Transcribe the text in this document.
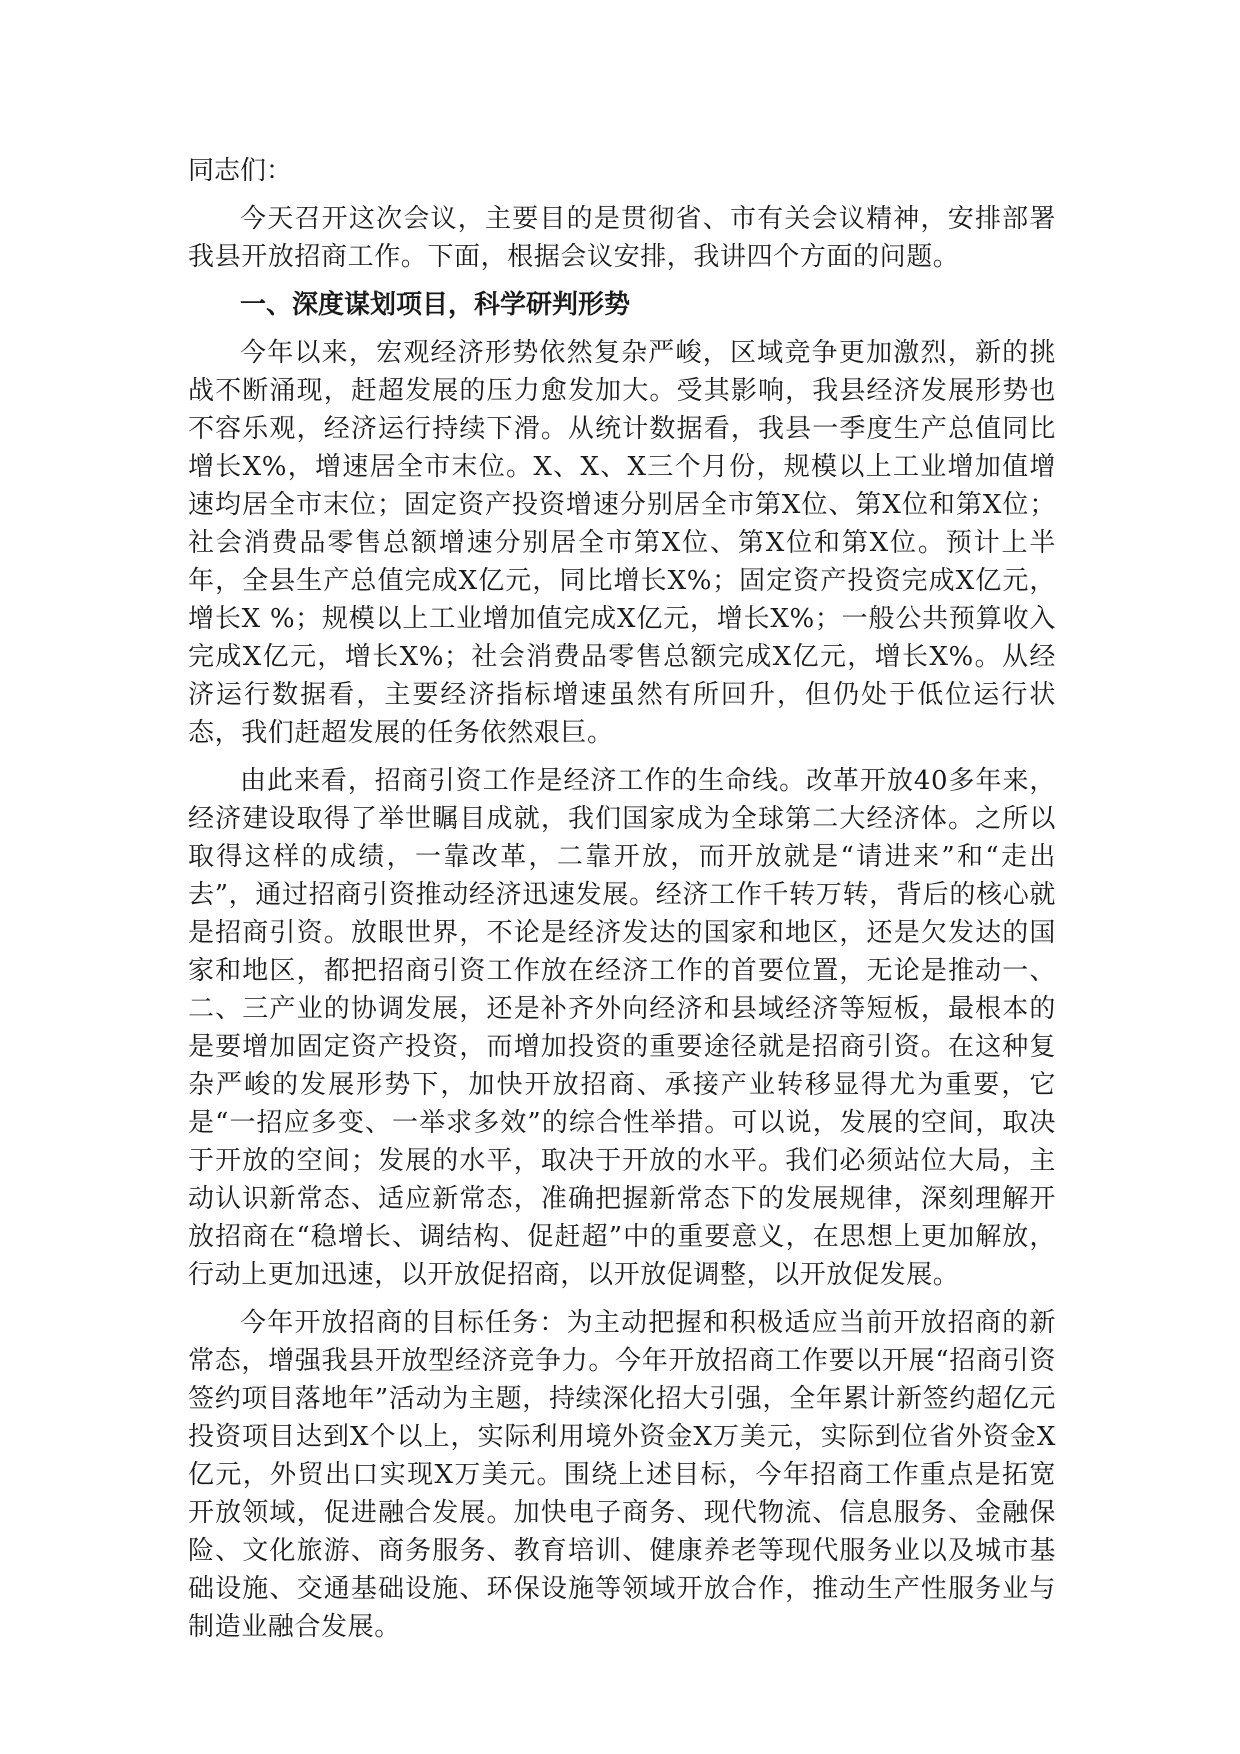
同志们：

今天召开这次会议，主要目的是贯彻省、市有关会议精神，安排部署我县开放招商工作。下面，根据会议安排，我讲四个方面的问题。

一、深度谋划项目，科学研判形势

今年以来，宏观经济形势依然复杂严峻，区域竞争更加激烈，新的挑战不断涌现，赶超发展的压力愈发加大。受其影响，我县经济发展形势也不容乐观，经济运行持续下滑。从统计数据看，我县一季度生产总值同比增长X%，增速居全市末位。X、X、X三个月份，规模以上工业增加值增速均居全市末位；固定资产投资增速分别居全市第X位、第X位和第X位；社会消费品零售总额增速分别居全市第X位、第X位和第X位。预计上半年，全县生产总值完成X亿元，同比增长X%；固定资产投资完成X亿元，增长X %；规模以上工业增加值完成X亿元，增长X%；一般公共预算收入完成X亿元，增长X%；社会消费品零售总额完成X亿元，增长X%。从经济运行数据看，主要经济指标增速虽然有所回升，但仍处于低位运行状态，我们赶超发展的任务依然艰巨。

由此来看，招商引资工作是经济工作的生命线。改革开放40多年来，经济建设取得了举世瞩目成就，我们国家成为全球第二大经济体。之所以取得这样的成绩，一靠改革，二靠开放，而开放就是“请进来”和“走出去”，通过招商引资推动经济迅速发展。经济工作千转万转，背后的核心就是招商引资。放眼世界，不论是经济发达的国家和地区，还是欠发达的国家和地区，都把招商引资工作放在经济工作的首要位置，无论是推动一、二、三产业的协调发展，还是补齐外向经济和县域经济等短板，最根本的是要增加固定资产投资，而增加投资的重要途径就是招商引资。在这种复杂严峻的发展形势下，加快开放招商、承接产业转移显得尤为重要，它是“一招应多变、一举求多效”的综合性举措。可以说，发展的空间，取决于开放的空间；发展的水平，取决于开放的水平。我们必须站位大局，主动认识新常态、适应新常态，准确把握新常态下的发展规律，深刻理解开放招商在“稳增长、调结构、促赶超”中的重要意义，在思想上更加解放，行动上更加迅速，以开放促招商，以开放促调整，以开放促发展。

今年开放招商的目标任务：为主动把握和积极适应当前开放招商的新常态，增强我县开放型经济竞争力。今年开放招商工作要以开展“招商引资签约项目落地年”活动为主题，持续深化招大引强，全年累计新签约超亿元投资项目达到X个以上，实际利用境外资金X万美元，实际到位省外资金X亿元，外贸出口实现X万美元。围绕上述目标，今年招商工作重点是拓宽开放领域，促进融合发展。加快电子商务、现代物流、信息服务、金融保险、文化旅游、商务服务、教育培训、健康养老等现代服务业以及城市基础设施、交通基础设施、环保设施等领域开放合作，推动生产性服务业与制造业融合发展。
